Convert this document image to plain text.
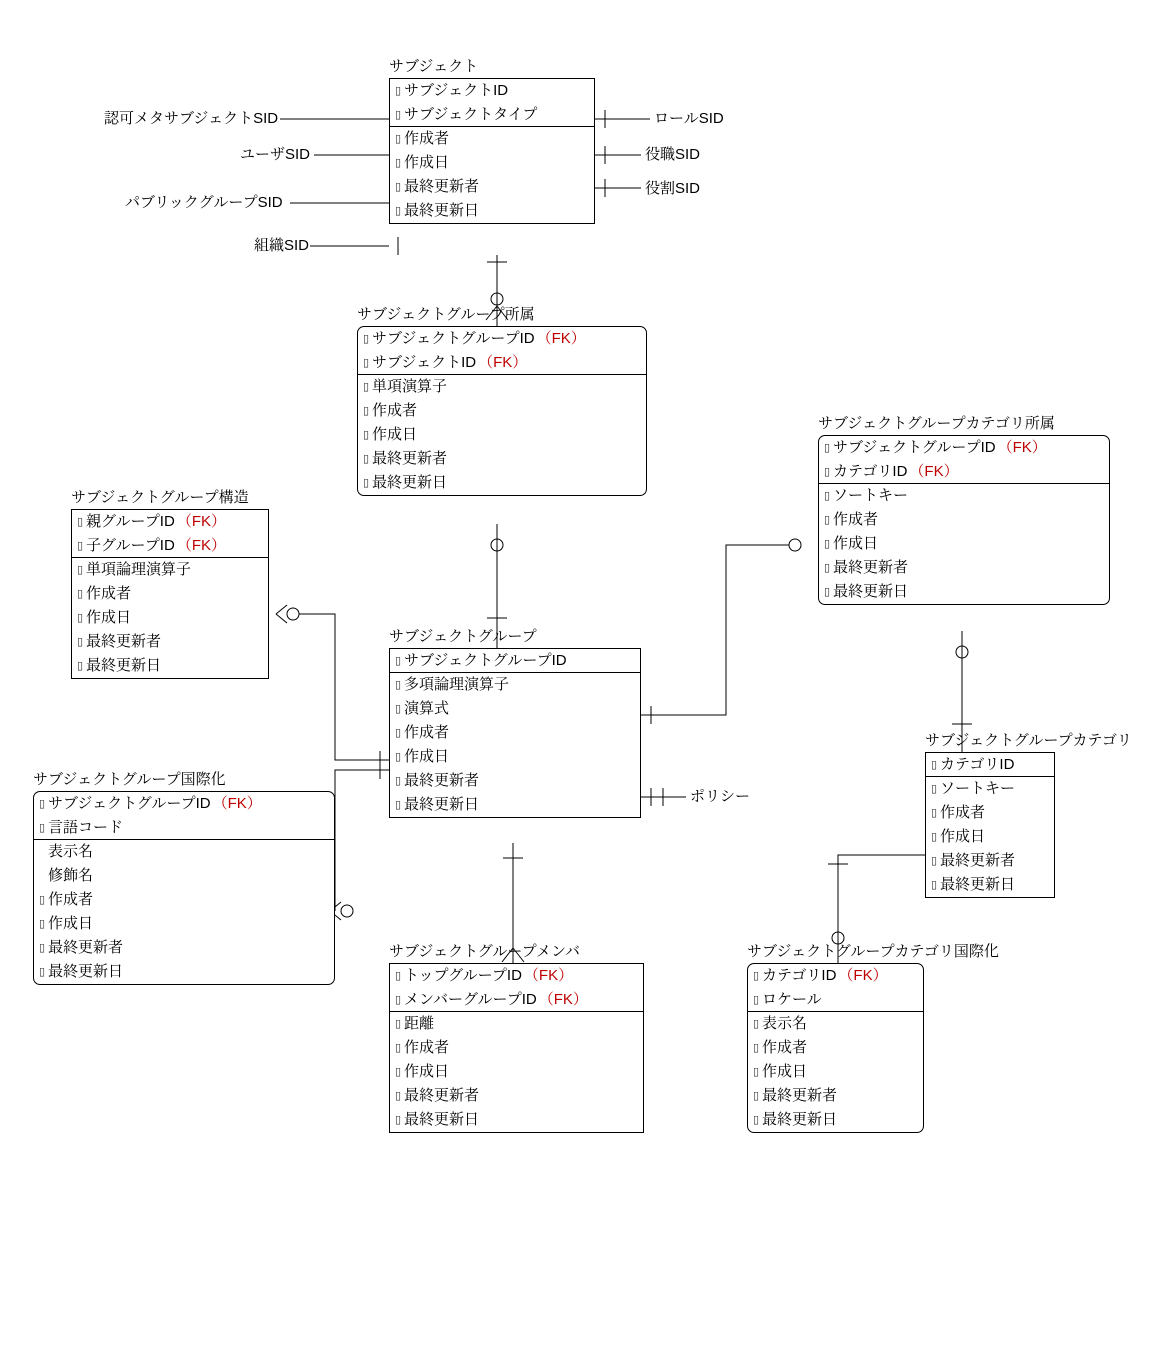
サブジェクト
▯ サブジェクトID
▯ サブジェクトタイプ
▯ 作成者
▯ 作成日
▯ 最終更新者
▯ 最終更新日
サブジェクトグループ所属
▯ サブジェクトグループID （FK）
▯ サブジェクトID （FK）
▯ 単項演算子
▯ 作成者
▯ 作成日
▯ 最終更新者
▯ 最終更新日
サブジェクトグループカテゴリ所属
▯ サブジェクトグループID （FK）
▯ カテゴリID （FK）
▯ ソートキー
▯ 作成者
▯ 作成日
▯ 最終更新者
▯ 最終更新日
サブジェクトグループ構造
▯ 親グループID （FK）
▯ 子グループID （FK）
▯ 単項論理演算子
▯ 作成者
▯ 作成日
▯ 最終更新者
▯ 最終更新日
サブジェクトグループ
▯ サブジェクトグループID
▯ 多項論理演算子
▯ 演算式
▯ 作成者
▯ 作成日
▯ 最終更新者
▯ 最終更新日
サブジェクトグループカテゴリ
▯ カテゴリID
▯ ソートキー
▯ 作成者
▯ 作成日
▯ 最終更新者
▯ 最終更新日
サブジェクトグループ国際化
▯ サブジェクトグループID （FK）
▯ 言語コード

表示名

修飾名
▯ 作成者
▯ 作成日
▯ 最終更新者
▯ 最終更新日
サブジェクトグループメンバ
▯ トップグループID （FK）
▯ メンバーグループID （FK）
▯ 距離
▯ 作成者
▯ 作成日
▯ 最終更新者
▯ 最終更新日
サブジェクトグループカテゴリ国際化
▯ カテゴリID （FK）
▯ ロケール
▯ 表示名
▯ 作成者
▯ 作成日
▯ 最終更新者
▯ 最終更新日
認可メタサブジェクトSID
ユーザSID
パブリックグループSID
組織SID
ロールSID
役職SID
役割SID
ポリシー
